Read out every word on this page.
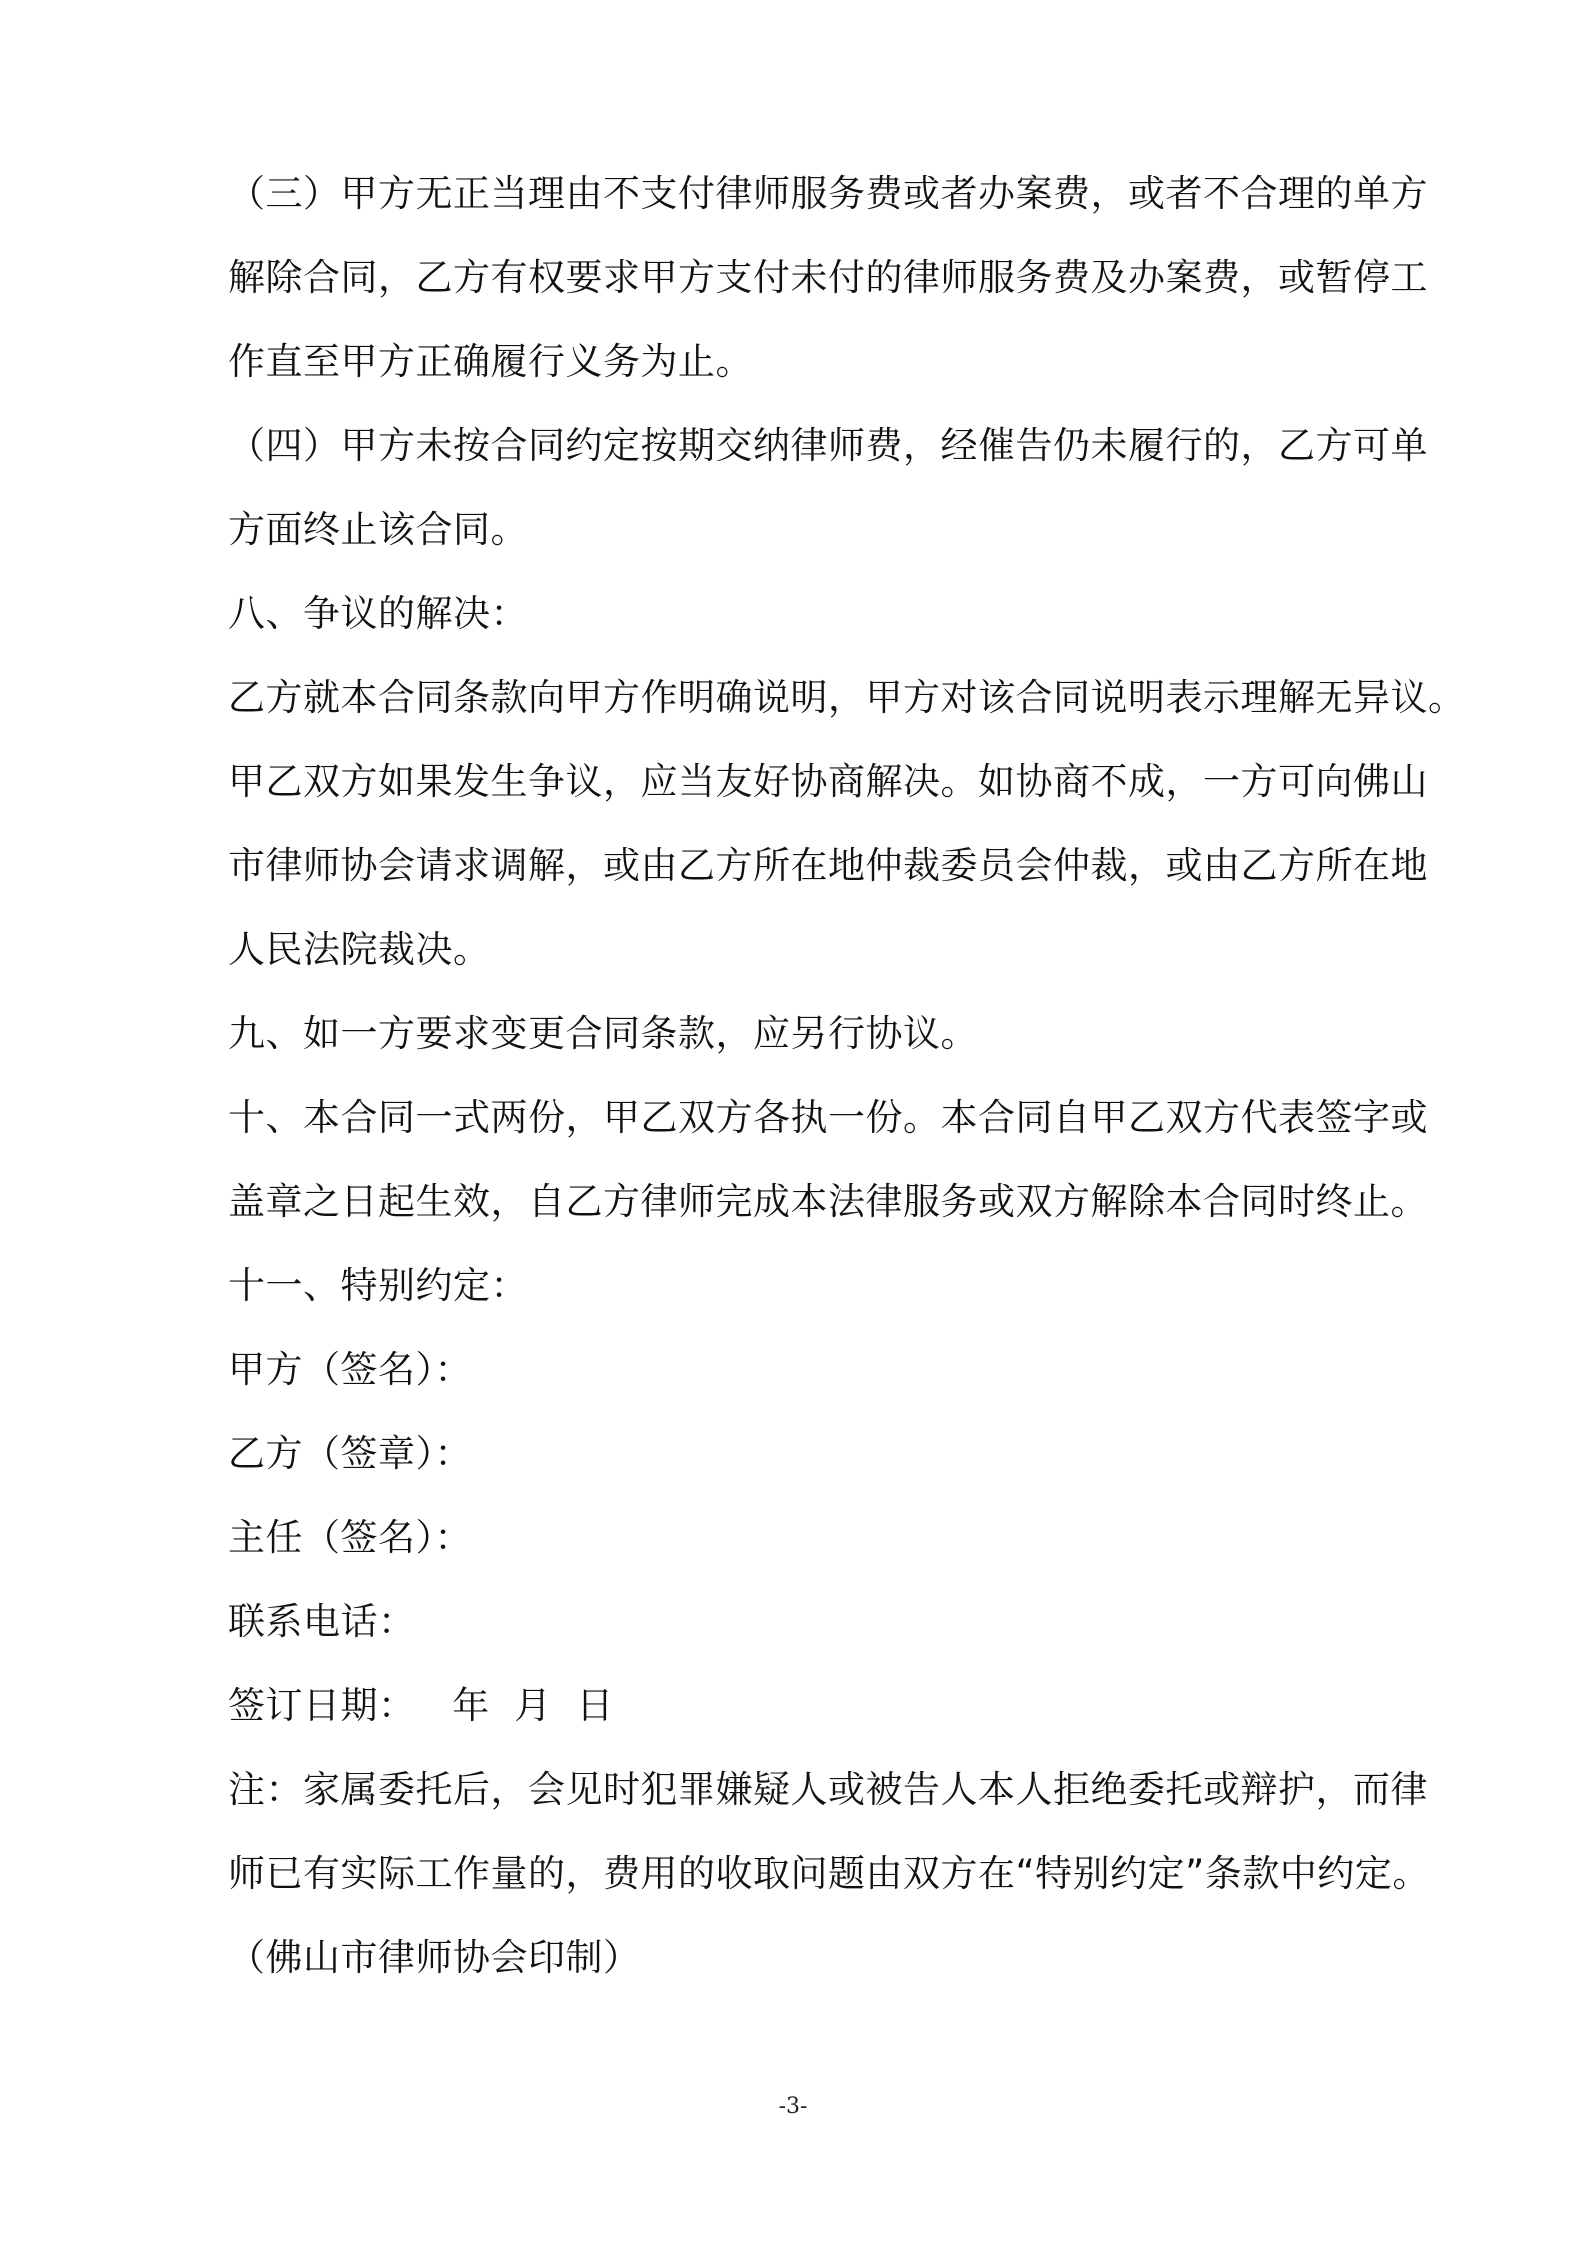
（三）甲方无正当理由不支付律师服务费或者办案费，或者不合理的单方
解除合同，乙方有权要求甲方支付未付的律师服务费及办案费，或暂停工
作直至甲方正确履行义务为止。
（四）甲方未按合同约定按期交纳律师费，经催告仍未履行的，乙方可单
方面终止该合同。
八、争议的解决：
乙方就本合同条款向甲方作明确说明，甲方对该合同说明表示理解无异议。
甲乙双方如果发生争议，应当友好协商解决。如协商不成，一方可向佛山
市律师协会请求调解，或由乙方所在地仲裁委员会仲裁，或由乙方所在地
人民法院裁决。
九、如一方要求变更合同条款，应另行协议。
十、本合同一式两份，甲乙双方各执一份。本合同自甲乙双方代表签字或
盖章之日起生效，自乙方律师完成本法律服务或双方解除本合同时终止。
十一、特别约定：
甲方（签名）：
乙方（签章）：
主任（签名）：
联系电话：
签订日期：   年  月  日
注：家属委托后，会见时犯罪嫌疑人或被告人本人拒绝委托或辩护，而律
师已有实际工作量的，费用的收取问题由双方在“特别约定”条款中约定。
（佛山市律师协会印制）
-3-
